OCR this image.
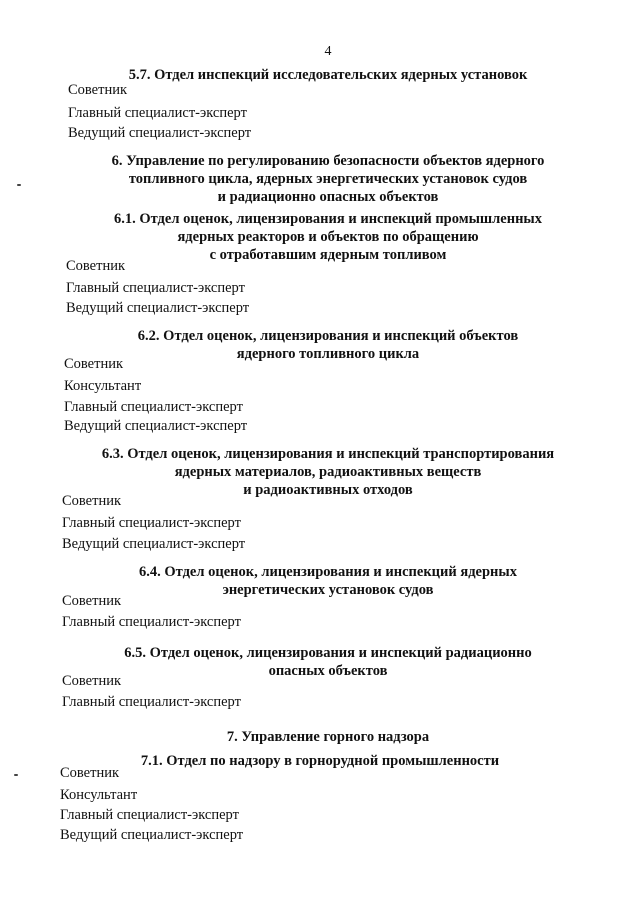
4
5.7. Отдел инспекций исследовательских ядерных установок
Советник
Главный специалист-эксперт
Ведущий специалист-эксперт
6. Управление по регулированию безопасности объектов ядерного
топливного цикла, ядерных энергетических установок судов
и радиационно опасных объектов
6.1. Отдел оценок, лицензирования и инспекций промышленных
ядерных реакторов и объектов по обращению
с отработавшим ядерным топливом
Советник
Главный специалист-эксперт
Ведущий специалист-эксперт
6.2. Отдел оценок, лицензирования и инспекций объектов
ядерного топливного цикла
Советник
Консультант
Главный специалист-эксперт
Ведущий специалист-эксперт
6.3. Отдел оценок, лицензирования и инспекций транспортирования
ядерных материалов, радиоактивных веществ
и радиоактивных отходов
Советник
Главный специалист-эксперт
Ведущий специалист-эксперт
6.4. Отдел оценок, лицензирования и инспекций ядерных
энергетических установок судов
Советник
Главный специалист-эксперт
6.5. Отдел оценок, лицензирования и инспекций радиационно
опасных объектов
Советник
Главный специалист-эксперт
7. Управление горного надзора
7.1. Отдел по надзору в горнорудной промышленности
Советник
Консультант
Главный специалист-эксперт
Ведущий специалист-эксперт
